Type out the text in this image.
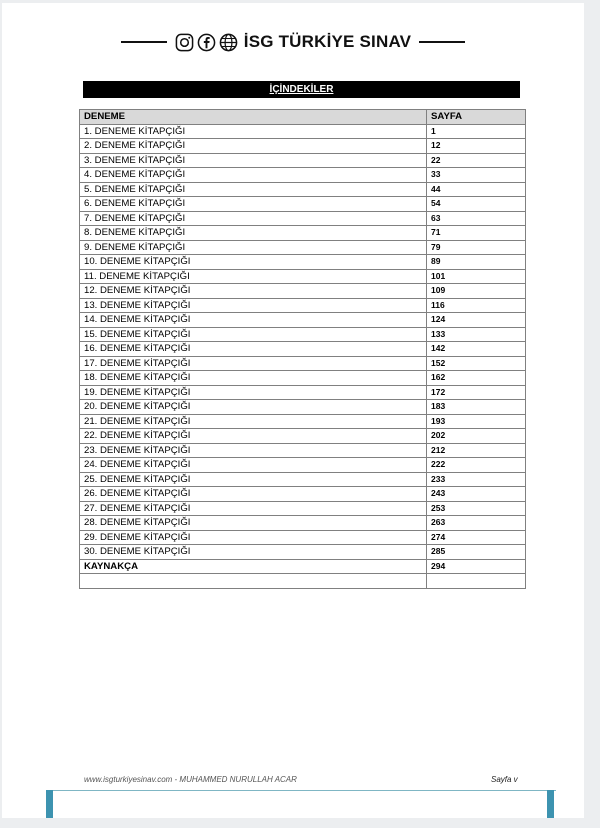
İSG TÜRKİYE SINAV
İÇİNDEKİLER
DENEME	SAYFA
1. DENEME KİTAPÇIĞI	1
2. DENEME KİTAPÇIĞI	12
3. DENEME KİTAPÇIĞI	22
4. DENEME KİTAPÇIĞI	33
5. DENEME KİTAPÇIĞI	44
6. DENEME KİTAPÇIĞI	54
7. DENEME KİTAPÇIĞI	63
8. DENEME KİTAPÇIĞI	71
9. DENEME KİTAPÇIĞI	79
10. DENEME KİTAPÇIĞI	89
11. DENEME KİTAPÇIĞI	101
12. DENEME KİTAPÇIĞI	109
13. DENEME KİTAPÇIĞI	116
14. DENEME KİTAPÇIĞI	124
15. DENEME KİTAPÇIĞI	133
16. DENEME KİTAPÇIĞI	142
17. DENEME KİTAPÇIĞI	152
18. DENEME KİTAPÇIĞI	162
19. DENEME KİTAPÇIĞI	172
20. DENEME KİTAPÇIĞI	183
21. DENEME KİTAPÇIĞI	193
22. DENEME KİTAPÇIĞI	202
23. DENEME KİTAPÇIĞI	212
24. DENEME KİTAPÇIĞI	222
25. DENEME KİTAPÇIĞI	233
26. DENEME KİTAPÇIĞI	243
27. DENEME KİTAPÇIĞI	253
28. DENEME KİTAPÇIĞI	263
29. DENEME KİTAPÇIĞI	274
30. DENEME KİTAPÇIĞI	285
KAYNAKÇA	294

www.isgturkiyesinav.com - MUHAMMED NURULLAH ACAR	Sayfa v
